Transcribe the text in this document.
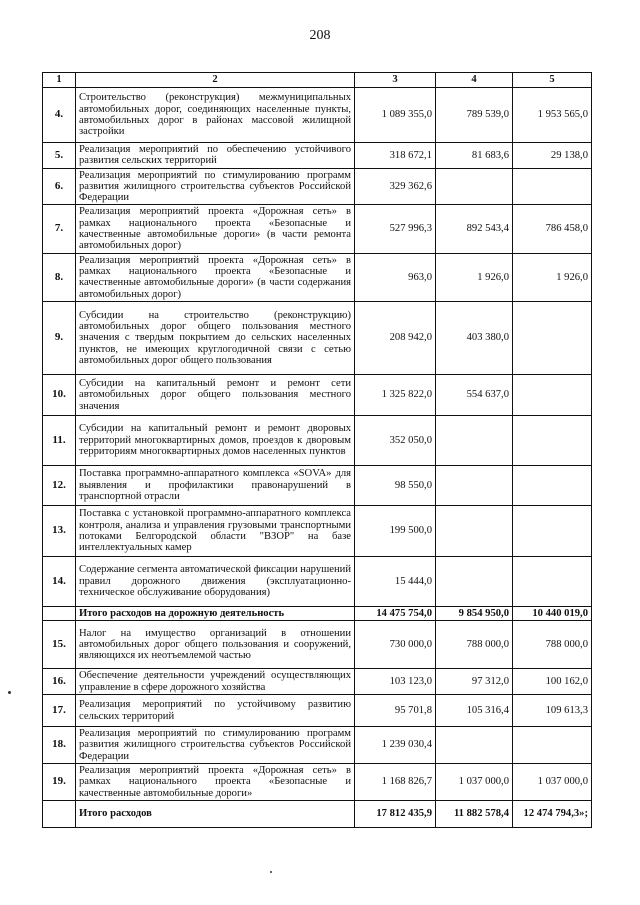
208
1	2	3	4	5
4.	Строительство (реконструкция) межмуниципальных автомобильных дорог, соединяющих населенные пункты, автомобильных дорог в районах массовой жилищной застройки	1 089 355,0	789 539,0	1 953 565,0
5.	Реализация мероприятий по обеспечению устойчивого развития сельских территорий	318 672,1	81 683,6	29 138,0
6.	Реализация мероприятий по стимулированию программ развития жилищного строительства субъектов Российской Федерации	329 362,6		
7.	Реализация мероприятий проекта «Дорожная сеть» в рамках национального проекта «Безопасные и качественные автомобильные дороги» (в части ремонта автомобильных дорог)	527 996,3	892 543,4	786 458,0
8.	Реализация мероприятий проекта «Дорожная сеть» в рамках национального проекта «Безопасные и качественные автомобильные дороги» (в части содержания автомобильных дорог)	963,0	1 926,0	1 926,0
9.	Субсидии на строительство (реконструкцию) автомобильных дорог общего пользования местного значения с твердым покрытием до сельских населенных пунктов, не имеющих круглогодичной связи с сетью автомобильных дорог общего пользования	208 942,0	403 380,0	
10.	Субсидии на капитальный ремонт и ремонт сети автомобильных дорог общего пользования местного значения	1 325 822,0	554 637,0	
11.	Субсидии на капитальный ремонт и ремонт дворовых территорий многоквартирных домов, проездов к дворовым территориям многоквартирных домов населенных пунктов	352 050,0		
12.	Поставка программно-аппаратного комплекса «SOVA» для выявления и профилактики правонарушений в транспортной отрасли	98 550,0		
13.	Поставка с установкой программно-аппаратного комплекса контроля, анализа и управления грузовыми транспортными потоками Белгородской области "ВЗОР" на базе интеллектуальных камер	199 500,0		
14.	Содержание сегмента автоматической фиксации нарушений правил дорожного движения (эксплуатационно-техническое обслуживание оборудования)	15 444,0		
	Итого расходов на дорожную деятельность	14 475 754,0	9 854 950,0	10 440 019,0
15.	Налог на имущество организаций в отношении автомобильных дорог общего пользования и сооружений, являющихся их неотъемлемой частью	730 000,0	788 000,0	788 000,0
16.	Обеспечение деятельности учреждений осуществляющих управление в сфере дорожного хозяйства	103 123,0	97 312,0	100 162,0
17.	Реализация мероприятий по устойчивому развитию сельских территорий	95 701,8	105 316,4	109 613,3
18.	Реализация мероприятий по стимулированию программ развития жилищного строительства субъектов Российской Федерации	1 239 030,4		
19.	Реализация мероприятий проекта «Дорожная сеть» в рамках национального проекта «Безопасные и качественные автомобильные дороги»	1 168 826,7	1 037 000,0	1 037 000,0
	Итого расходов	17 812 435,9	11 882 578,4	12 474 794,3»;
